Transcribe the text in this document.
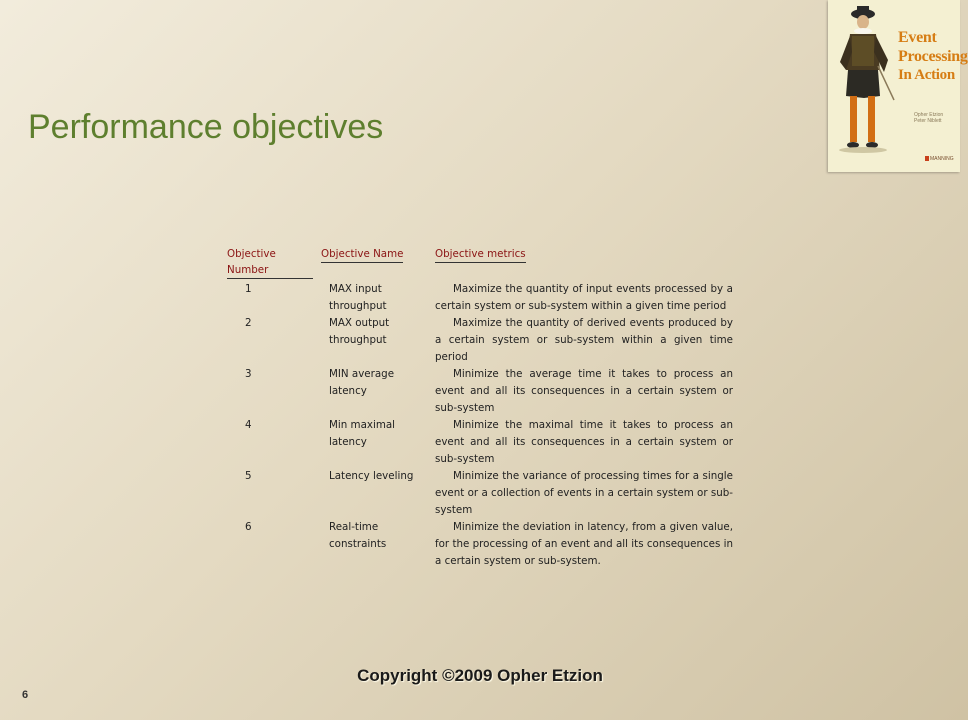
Performance objectives
Event
Processing
In Action
Opher Etzion
Peter Niblett
MANNING
Objective Number	Objective Name	Objective metrics
1	MAX input throughput	Maximize the quantity of input events processed by a certain system or sub-system within a given time period
2	MAX output throughput	Maximize the quantity of derived events produced by a certain system or sub-system within a given time period
3	MIN average latency	Minimize the average time it takes to process an event and all its consequences in a certain system or sub-system
4	Min maximal latency	Minimize the maximal time it takes to process an event and all its consequences in a certain system or sub-system
5	Latency leveling	Minimize the variance of processing times for a single event or a collection of events in a certain system or sub-system
6	Real-time constraints	Minimize the deviation in latency, from a given value, for the processing of an event and all its consequences in a certain system or sub-system.
Copyright ©2009 Opher Etzion
6
